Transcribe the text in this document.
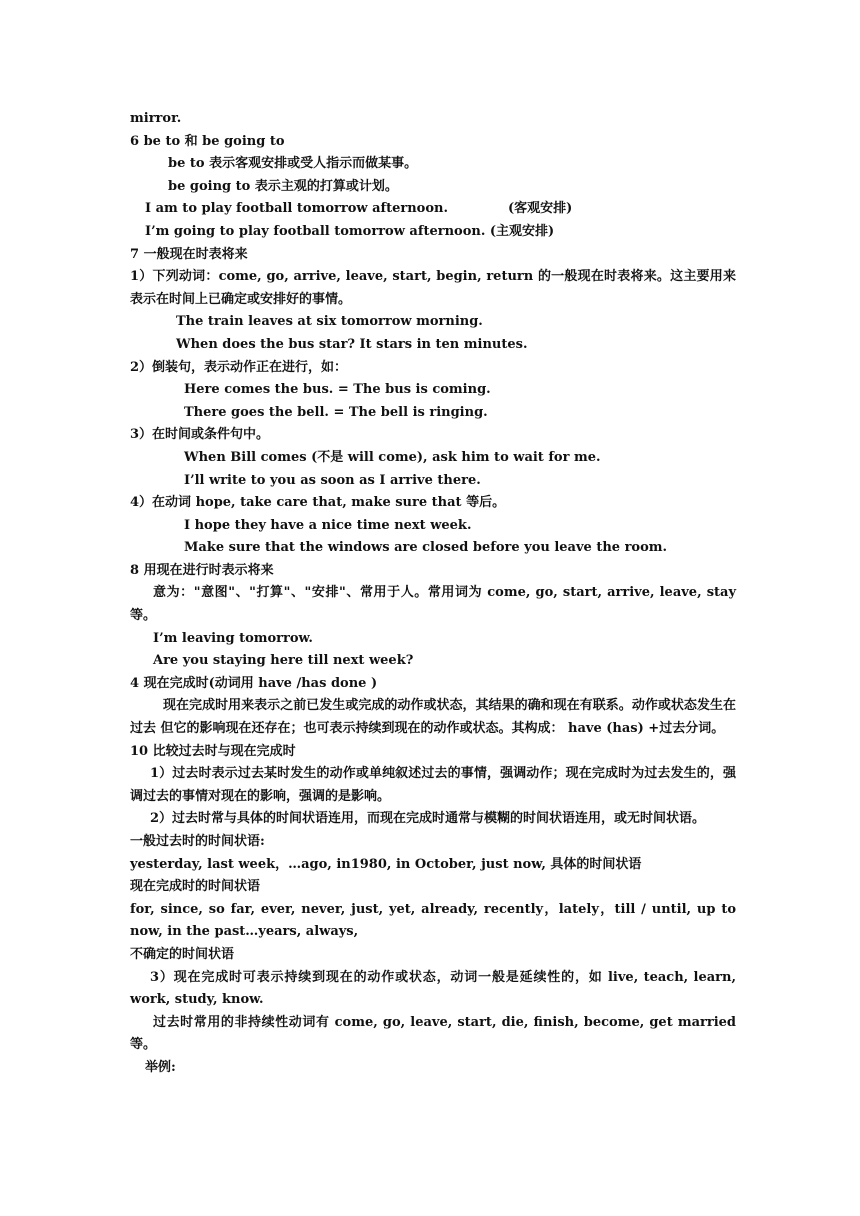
mirror.
6 be to 和 be going to
be to 表示客观安排或受人指示而做某事。
be going to 表示主观的打算或计划。
I am to play football tomorrow afternoon.	(客观安排)
I’m going to play football tomorrow afternoon. (主观安排)
7 一般现在时表将来
1）下列动词：come, go, arrive, leave, start, begin, return 的一般现在时表将来。这主要用来表示在时间上已确定或安排好的事情。
The train leaves at six tomorrow morning.
When does the bus star? It stars in ten minutes.
2）倒装句，表示动作正在进行，如：
Here comes the bus. = The bus is coming.
There goes the bell. = The bell is ringing.
3）在时间或条件句中。
When Bill comes (不是 will come), ask him to wait for me.
I’ll write to you as soon as I arrive there.
4）在动词 hope, take care that, make sure that 等后。
I hope they have a nice time next week.
Make sure that the windows are closed before you leave the room.
8 用现在进行时表示将来
意为："意图"、"打算"、"安排"、常用于人。常用词为 come, go, start, arrive, leave, stay 等。
I’m leaving tomorrow.
Are you staying here till next week?
4 现在完成时(动词用 have /has done )
现在完成时用来表示之前已发生或完成的动作或状态，其结果的确和现在有联系。动作或状态发生在过去 但它的影响现在还存在；也可表示持续到现在的动作或状态。其构成： have (has) +过去分词。
10 比较过去时与现在完成时
1）过去时表示过去某时发生的动作或单纯叙述过去的事情，强调动作；现在完成时为过去发生的，强调过去的事情对现在的影响，强调的是影响。
2）过去时常与具体的时间状语连用，而现在完成时通常与模糊的时间状语连用，或无时间状语。
一般过去时的时间状语:
yesterday, last week，…ago, in1980, in October, just now, 具体的时间状语
现在完成时的时间状语
for, since, so far, ever, never, just, yet, already, recently，lately，till / until, up to now, in the past…years, always,
不确定的时间状语
3）现在完成时可表示持续到现在的动作或状态，动词一般是延续性的，如 live, teach, learn, work, study, know.
过去时常用的非持续性动词有 come, go, leave, start, die, finish, become, get married 等。
举例:
